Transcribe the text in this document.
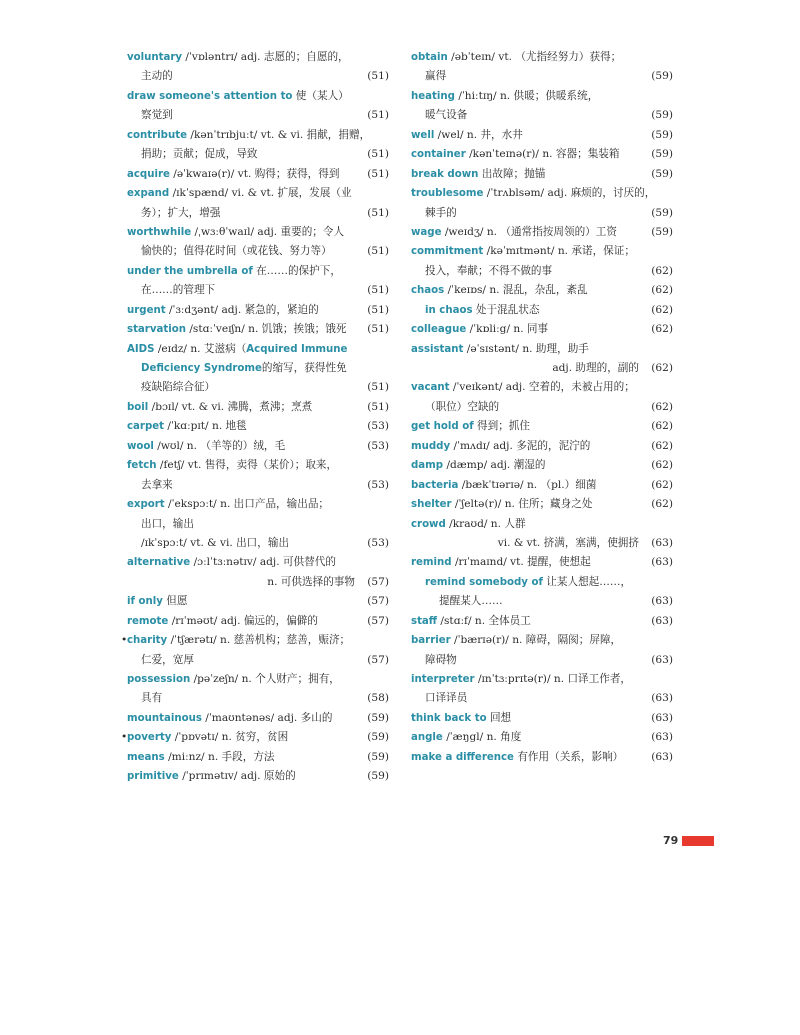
voluntary /ˈvɒləntrɪ/ adj. 志愿的；自愿的，
主动的	(51)
draw someone's attention to 使（某人）
察觉到	(51)
contribute /kənˈtrɪbjuːt/ vt. & vi. 捐献，捐赠，
捐助；贡献；促成，导致	(51)
acquire /əˈkwaɪə(r)/ vt. 购得；获得，得到	(51)
expand /ɪkˈspænd/ vi. & vt. 扩展，发展（业
务）；扩大，增强	(51)
worthwhile /ˌwɜːθˈwaɪl/ adj. 重要的；令人
愉快的；值得花时间（或花钱、努力等）	(51)
under the umbrella of 在……的保护下，
在……的管理下	(51)
urgent /ˈɜːdʒənt/ adj. 紧急的，紧迫的	(51)
starvation /stɑːˈveɪʃn/ n. 饥饿；挨饿；饿死 (51)
AIDS /eɪdz/ n. 艾滋病（Acquired Immune
Deficiency Syndrome的缩写，获得性免
疫缺陷综合征）	(51)
boil /bɔɪl/ vt. & vi. 沸腾，煮沸；烹煮	(51)
carpet /ˈkɑːpɪt/ n. 地毯	(53)
wool /wʊl/ n. （羊等的）绒，毛	(53)
fetch /fetʃ/ vt. 售得，卖得（某价）；取来，
去拿来	(53)
export /ˈekspɔːt/ n. 出口产品，输出品；
出口，输出
/ɪkˈspɔːt/ vt. & vi. 出口，输出	(53)
alternative /ɔːlˈtɜːnətɪv/ adj. 可供替代的
n. 可供选择的事物 (57)
if only 但愿	(57)
remote /rɪˈməʊt/ adj. 偏远的，偏僻的	(57)
• charity /ˈtʃærətɪ/ n. 慈善机构；慈善，赈济；
仁爱，宽厚	(57)
possession /pəˈzeʃn/ n. 个人财产；拥有，
具有	(58)
mountainous /ˈmaʊntənəs/ adj. 多山的	(59)
• poverty /ˈpɒvətɪ/ n. 贫穷，贫困	(59)
means /miːnz/ n. 手段，方法	(59)
primitive /ˈprɪmətɪv/ adj. 原始的	(59)
obtain /əbˈteɪn/ vt. （尤指经努力）获得；
赢得	(59)
heating /ˈhiːtɪŋ/ n. 供暖；供暖系统，
暖气设备	(59)
well /wel/ n. 井，水井	(59)
container /kənˈteɪnə(r)/ n. 容器；集装箱	(59)
break down 出故障；抛锚	(59)
troublesome /ˈtrʌblsəm/ adj. 麻烦的，讨厌的，
棘手的	(59)
wage /weɪdʒ/ n. （通常指按周领的）工资	(59)
commitment /kəˈmɪtmənt/ n. 承诺，保证；
投入，奉献；不得不做的事	(62)
chaos /ˈkeɪɒs/ n. 混乱，杂乱，紊乱	(62)
in chaos 处于混乱状态	(62)
colleague /ˈkɒliːg/ n. 同事	(62)
assistant /əˈsɪstənt/ n. 助理，助手
adj. 助理的，副的 (62)
vacant /ˈveɪkənt/ adj. 空着的，未被占用的；
（职位）空缺的	(62)
get hold of 得到；抓住	(62)
muddy /ˈmʌdɪ/ adj. 多泥的，泥泞的	(62)
damp /dæmp/ adj. 潮湿的	(62)
bacteria /bækˈtɪərɪə/ n. （pl.）细菌	(62)
shelter /ˈʃeltə(r)/ n. 住所；藏身之处	(62)
crowd /kraʊd/ n. 人群
vi. & vt. 挤满，塞满，使拥挤 (63)
remind /rɪˈmaɪnd/ vt. 提醒，使想起	(63)
remind somebody of 让某人想起……，
提醒某人……	(63)
staff /stɑːf/ n. 全体员工	(63)
barrier /ˈbærɪə(r)/ n. 障碍，隔阂；屏障，
障碍物	(63)
interpreter /ɪnˈtɜːprɪtə(r)/ n. 口译工作者，
口译译员	(63)
think back to 回想	(63)
angle /ˈæŋgl/ n. 角度	(63)
make a difference 有作用（关系，影响）	(63)
79
